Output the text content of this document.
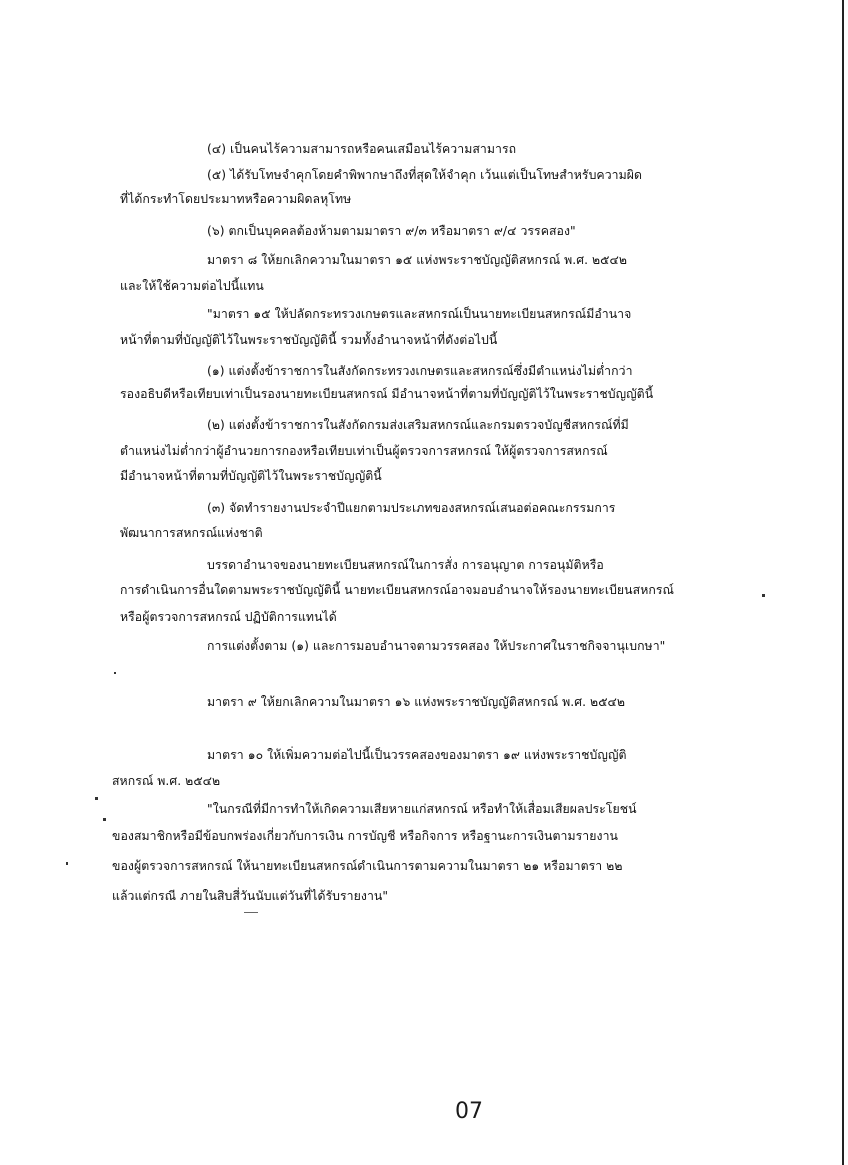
(๔) เป็นคนไร้ความสามารถหรือคนเสมือนไร้ความสามารถ
(๕) ได้รับโทษจำคุกโดยคำพิพากษาถึงที่สุดให้จำคุก เว้นแต่เป็นโทษสำหรับความผิด
ที่ได้กระทำโดยประมาทหรือความผิดลหุโทษ
(๖) ตกเป็นบุคคลต้องห้ามตามมาตรา ๙/๓ หรือมาตรา ๙/๔ วรรคสอง"
มาตรา ๘ ให้ยกเลิกความในมาตรา ๑๕ แห่งพระราชบัญญัติสหกรณ์ พ.ศ. ๒๕๔๒
และให้ใช้ความต่อไปนี้แทน
"มาตรา ๑๕ ให้ปลัดกระทรวงเกษตรและสหกรณ์เป็นนายทะเบียนสหกรณ์มีอำนาจ
หน้าที่ตามที่บัญญัติไว้ในพระราชบัญญัตินี้ รวมทั้งอำนาจหน้าที่ดังต่อไปนี้
(๑) แต่งตั้งข้าราชการในสังกัดกระทรวงเกษตรและสหกรณ์ซึ่งมีตำแหน่งไม่ต่ำกว่า
รองอธิบดีหรือเทียบเท่าเป็นรองนายทะเบียนสหกรณ์ มีอำนาจหน้าที่ตามที่บัญญัติไว้ในพระราชบัญญัตินี้
(๒) แต่งตั้งข้าราชการในสังกัดกรมส่งเสริมสหกรณ์และกรมตรวจบัญชีสหกรณ์ที่มี
ตำแหน่งไม่ต่ำกว่าผู้อำนวยการกองหรือเทียบเท่าเป็นผู้ตรวจการสหกรณ์ ให้ผู้ตรวจการสหกรณ์
มีอำนาจหน้าที่ตามที่บัญญัติไว้ในพระราชบัญญัตินี้
(๓) จัดทำรายงานประจำปีแยกตามประเภทของสหกรณ์เสนอต่อคณะกรรมการ
พัฒนาการสหกรณ์แห่งชาติ
บรรดาอำนาจของนายทะเบียนสหกรณ์ในการสั่ง การอนุญาต การอนุมัติหรือ
การดำเนินการอื่นใดตามพระราชบัญญัตินี้ นายทะเบียนสหกรณ์อาจมอบอำนาจให้รองนายทะเบียนสหกรณ์
หรือผู้ตรวจการสหกรณ์ ปฏิบัติการแทนได้
การแต่งตั้งตาม (๑) และการมอบอำนาจตามวรรคสอง ให้ประกาศในราชกิจจานุเบกษา"
มาตรา ๙ ให้ยกเลิกความในมาตรา ๑๖ แห่งพระราชบัญญัติสหกรณ์ พ.ศ. ๒๕๔๒
มาตรา ๑๐ ให้เพิ่มความต่อไปนี้เป็นวรรคสองของมาตรา ๑๙ แห่งพระราชบัญญัติ
สหกรณ์ พ.ศ. ๒๕๔๒
"ในกรณีที่มีการทำให้เกิดความเสียหายแก่สหกรณ์ หรือทำให้เสื่อมเสียผลประโยชน์
ของสมาชิกหรือมีข้อบกพร่องเกี่ยวกับการเงิน การบัญชี หรือกิจการ หรือฐานะการเงินตามรายงาน
ของผู้ตรวจการสหกรณ์ ให้นายทะเบียนสหกรณ์ดำเนินการตามความในมาตรา ๒๑ หรือมาตรา ๒๒
แล้วแต่กรณี ภายในสิบสี่วันนับแต่วันที่ได้รับรายงาน"
07
